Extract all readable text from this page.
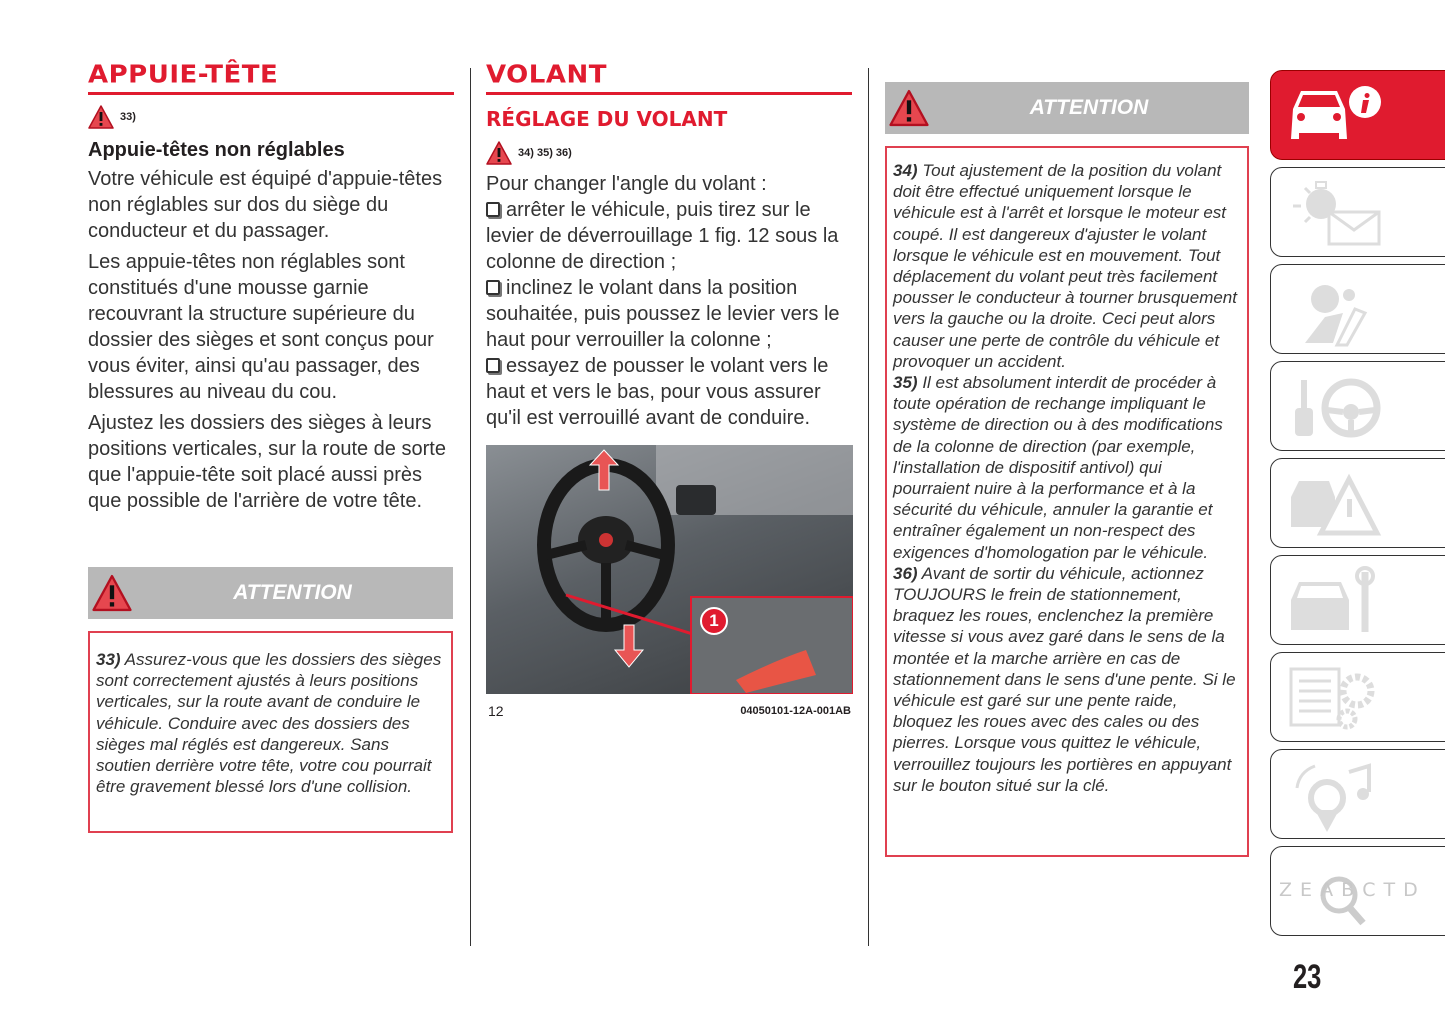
APPUIE-TÊTE
33)
Appuie-têtes non réglables

Votre véhicule est équipé d'appuie-têtes non réglables sur dos du siège du conducteur et du passager.

Les appuie-têtes non réglables sont constitués d'une mousse garnie recouvrant la structure supérieure du dossier des sièges et sont conçus pour vous éviter, ainsi qu'au passager, des blessures au niveau du cou.

Ajustez les dossiers des sièges à leurs positions verticales, sur la route de sorte que l'appuie-tête soit placé aussi près que possible de l'arrière de votre tête.

ATTENTION
33) Assurez-vous que les dossiers des sièges sont correctement ajustés à leurs positions verticales, sur la route avant de conduire le véhicule. Conduire avec des dossiers des sièges mal réglés est dangereux. Sans soutien derrière votre tête, votre cou pourrait être gravement blessé lors d'une collision.
VOLANT
RÉGLAGE DU VOLANT
34) 35) 36)
Pour changer l'angle du volant :
arrêter le véhicule, puis tirez sur le levier de déverrouillage 1 fig. 12 sous la colonne de direction ;
inclinez le volant dans la position souhaitée, puis poussez le levier vers le haut pour verrouiller la colonne ;
essayez de pousser le volant vers le haut et vers le bas, pour vous assurer qu'il est verrouillé avant de conduire.
1
12	04050101-12A-001AB
ATTENTION
34) Tout ajustement de la position du volant doit être effectué uniquement lorsque le véhicule est à l'arrêt et lorsque le moteur est coupé. Il est dangereux d'ajuster le volant lorsque le véhicule est en mouvement. Tout déplacement du volant peut très facilement pousser le conducteur à tourner brusquement vers la gauche ou la droite. Ceci peut alors causer une perte de contrôle du véhicule et provoquer un accident.
35) Il est absolument interdit de procéder à toute opération de rechange impliquant le système de direction ou à des modifications de la colonne de direction (par exemple, l'installation de dispositif antivol) qui pourraient nuire à la performance et à la sécurité du véhicule, annuler la garantie et entraîner également un non-respect des exigences d'homologation par le véhicule.
36) Avant de sortir du véhicule, actionnez TOUJOURS le frein de stationnement, braquez les roues, enclenchez la première vitesse si vous avez garé dans le sens de la montée et la marche arrière en cas de stationnement dans le sens d'une pente. Si le véhicule est garé sur une pente raide, bloquez les roues avec des cales ou des pierres. Lorsque vous quittez le véhicule, verrouillez toujours les portières en appuyant sur le bouton situé sur la clé.
Z E A B C T D
23
